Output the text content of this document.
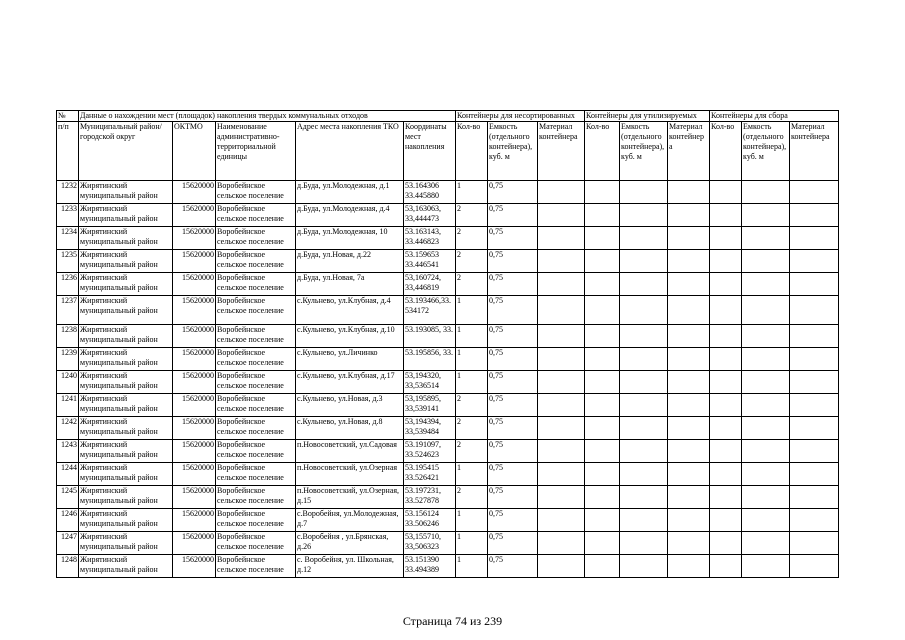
№	Данные о нахождении мест (площадок) накопления твердых коммунальных отходов					Контейнеры для несортированных			Контейнеры для утилизируемых			Контейнеры для сбора		
п/п	Муниципальный район/городской округ	ОКТМО	Наименование административно-территориальной единицы	Адрес места накопления ТКО	Координаты мест накопления	Кол-во	Емкость (отдельного контейнера), куб. м	Материал контейнера	Кол-во	Емкость (отдельного контейнера), куб. м	Материал контейнер а	Кол-во	Емкость (отдельного контейнера), куб. м	Материал контейнера
1232	Жирятинский муниципальный район	15620000	Воробейнское сельское поселение	д.Буда, ул.Молодежная, д.1	53.164306 33.445880	1	0,75							
1233	Жирятинский муниципальный район	15620000	Воробейнское сельское поселение	д.Буда, ул.Молодежная, д.4	53,163063, 33,444473	2	0,75							
1234	Жирятинский муниципальный район	15620000	Воробейнское сельское поселение	д.Буда, ул.Молодежная, 10	53.163143, 33.446823	2	0,75							
1235	Жирятинский муниципальный район	15620000	Воробейнское сельское поселение	д.Буда, ул.Новая, д.22	53.159653 33.446541	2	0,75							
1236	Жирятинский муниципальный район	15620000	Воробейнское сельское поселение	д.Буда, ул.Новая, 7а	53,160724, 33,446819	2	0,75							
1237	Жирятинский муниципальный район	15620000	Воробейнское сельское поселение	с.Кульнево, ул.Клубная, д.4	53.193466,33. 534172	1	0,75							
1238	Жирятинский муниципальный район	15620000	Воробейнское сельское поселение	с.Кульнево, ул.Клубная, д.10	53.193085, 33.	1	0,75							
1239	Жирятинский муниципальный район	15620000	Воробейнское сельское поселение	с.Кульнево, ул.Личинко	53.195856, 33.	1	0,75							
1240	Жирятинский муниципальный район	15620000	Воробейнское сельское поселение	с.Кульнево, ул.Клубная, д.17	53,194320, 33,536514	1	0,75							
1241	Жирятинский муниципальный район	15620000	Воробейнское сельское поселение	с.Кульнево, ул.Новая, д.3	53,195895, 33,539141	2	0,75							
1242	Жирятинский муниципальный район	15620000	Воробейнское сельское поселение	с.Кульнево, ул.Новая, д.8	53,194394, 33,539484	2	0,75							
1243	Жирятинский муниципальный район	15620000	Воробейнское сельское поселение	п.Новосоветский, ул.Садовая	53.191097, 33.524623	2	0,75							
1244	Жирятинский муниципальный район	15620000	Воробейнское сельское поселение	п.Новосоветский, ул.Озерная	53.195415 33.526421	1	0,75							
1245	Жирятинский муниципальный район	15620000	Воробейнское сельское поселение	п.Новосоветский, ул.Озерная, д.15	53.197231, 33.527878	2	0,75							
1246	Жирятинский муниципальный район	15620000	Воробейнское сельское поселение	с.Воробейня, ул.Молодежная, д.7	53.156124 33.506246	1	0,75							
1247	Жирятинский муниципальный район	15620000	Воробейнское сельское поселение	с.Воробейня , ул.Брянская, д.26	53,155710, 33,506323	1	0,75							
1248	Жирятинский муниципальный район	15620000	Воробейнское сельское поселение	с. Воробейня, ул. Школьная, д.12	53.151390 33.494389	1	0,75							
Страница 74 из 239
